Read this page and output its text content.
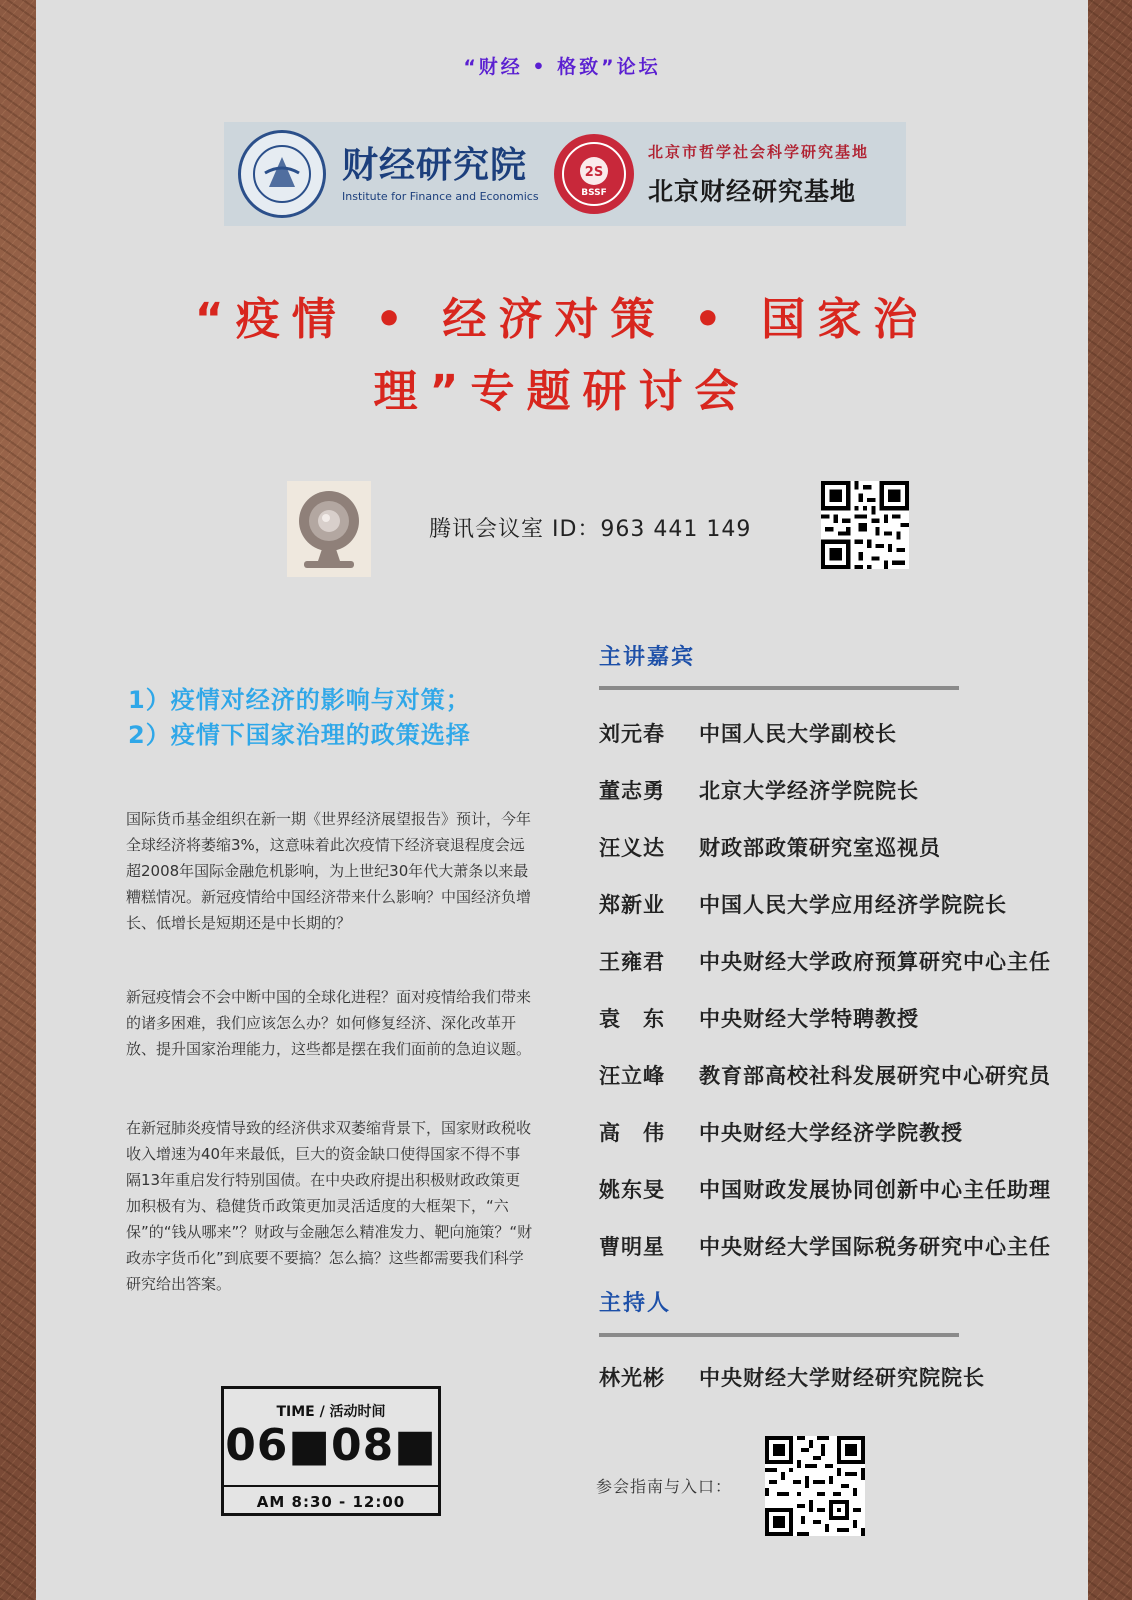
“财经 • 格致”论坛
财经研究院
Institute for Finance and Economics
2S
BSSF
北京市哲学社会科学研究基地
北京财经研究基地
“疫情 • 经济对策 • 国家治
理”专题研讨会
腾讯会议室 ID：963 441 149
1）疫情对经济的影响与对策；
2）疫情下国家治理的政策选择

国际货币基金组织在新一期《世界经济展望报告》预计，今年全球经济将萎缩3%，这意味着此次疫情下经济衰退程度会远超2008年国际金融危机影响，为上世纪30年代大萧条以来最糟糕情况。新冠疫情给中国经济带来什么影响？中国经济负增长、低增长是短期还是中长期的？

新冠疫情会不会中断中国的全球化进程？面对疫情给我们带来的诸多困难，我们应该怎么办？如何修复经济、深化改革开放、提升国家治理能力，这些都是摆在我们面前的急迫议题。

在新冠肺炎疫情导致的经济供求双萎缩背景下，国家财政税收收入增速为40年来最低，巨大的资金缺口使得国家不得不事隔13年重启发行特别国债。在中央政府提出积极财政政策更加积极有为、稳健货币政策更加灵活适度的大框架下，“六保”的“钱从哪来”？财政与金融怎么精准发力、靶向施策？“财政赤字货币化”到底要不要搞？怎么搞？这些都需要我们科学研究给出答案。

主讲嘉宾
刘元春 中国人民大学副校长
董志勇 北京大学经济学院院长
汪义达 财政部政策研究室巡视员
郑新业 中国人民大学应用经济学院院长
王雍君 中央财经大学政府预算研究中心主任
袁　东 中央财经大学特聘教授
汪立峰 教育部高校社科发展研究中心研究员
高　伟 中央财经大学经济学院教授
姚东旻 中国财政发展协同创新中心主任助理
曹明星 中央财经大学国际税务研究中心主任
主持人
林光彬 中央财经大学财经研究院院长
TIME / 活动时间
06■08■
AM 8:30 - 12:00
参会指南与入口：
